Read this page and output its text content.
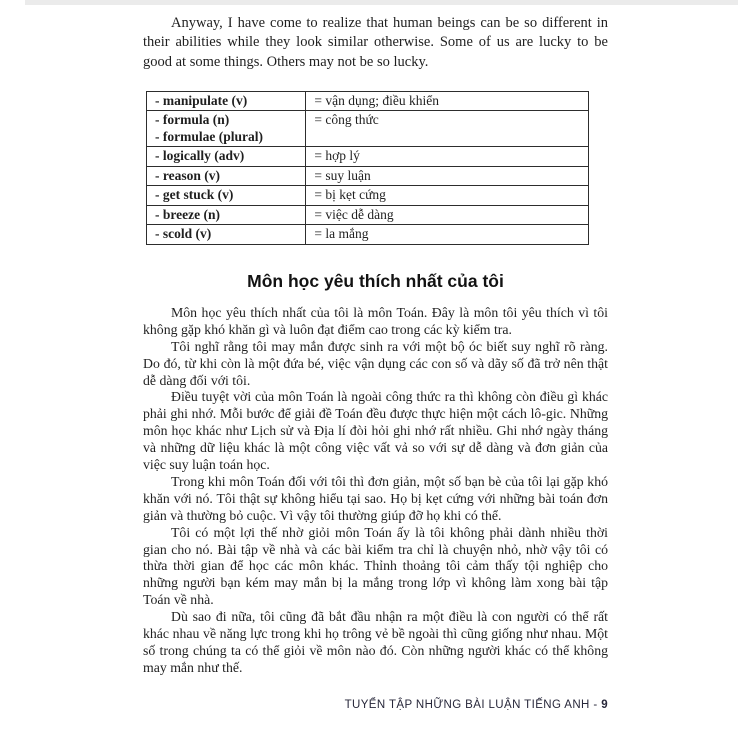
Anyway, I have come to realize that human beings can be so different in their abilities while they look similar otherwise. Some of us are lucky to be good at some things. Others may not be so lucky.

- manipulate (v)	= vận dụng; điều khiển

- formula (n)
- formulae (plural)	= công thức

- logically (adv)	= hợp lý

- reason (v)	= suy luận

- get stuck (v)	= bị kẹt cứng

- breeze (n)	= việc dễ dàng

- scold (v)	= la mắng
Môn học yêu thích nhất của tôi

Môn học yêu thích nhất của tôi là môn Toán. Đây là môn tôi yêu thích vì tôi không gặp khó khăn gì và luôn đạt điểm cao trong các kỳ kiểm tra.

Tôi nghĩ rằng tôi may mắn được sinh ra với một bộ óc biết suy nghĩ rõ ràng. Do đó, từ khi còn là một đứa bé, việc vận dụng các con số và dãy số đã trở nên thật dễ dàng đối với tôi.

Điều tuyệt vời của môn Toán là ngoài công thức ra thì không còn điều gì khác phải ghi nhớ. Mỗi bước để giải đề Toán đều được thực hiện một cách lô-gic. Những môn học khác như Lịch sử và Địa lí đòi hỏi ghi nhớ rất nhiều. Ghi nhớ ngày tháng và những dữ liệu khác là một công việc vất vả so với sự dễ dàng và đơn giản của việc suy luận toán học.

Trong khi môn Toán đối với tôi thì đơn giản, một số bạn bè của tôi lại gặp khó khăn với nó. Tôi thật sự không hiểu tại sao. Họ bị kẹt cứng với những bài toán đơn giản và thường bỏ cuộc. Vì vậy tôi thường giúp đỡ họ khi có thể.

Tôi có một lợi thế nhờ giỏi môn Toán ấy là tôi không phải dành nhiều thời gian cho nó. Bài tập về nhà và các bài kiểm tra chỉ là chuyện nhỏ, nhờ vậy tôi có thừa thời gian để học các môn khác. Thỉnh thoảng tôi cảm thấy tội nghiệp cho những người bạn kém may mắn bị la mắng trong lớp vì không làm xong bài tập Toán về nhà.

Dù sao đi nữa, tôi cũng đã bắt đầu nhận ra một điều là con người có thể rất khác nhau về năng lực trong khi họ trông vẻ bề ngoài thì cũng giống như nhau. Một số trong chúng ta có thể giỏi về môn nào đó. Còn những người khác có thể không may mắn như thế.

TUYỂN TẬP NHỮNG BÀI LUẬN TIẾNG ANH - 9
